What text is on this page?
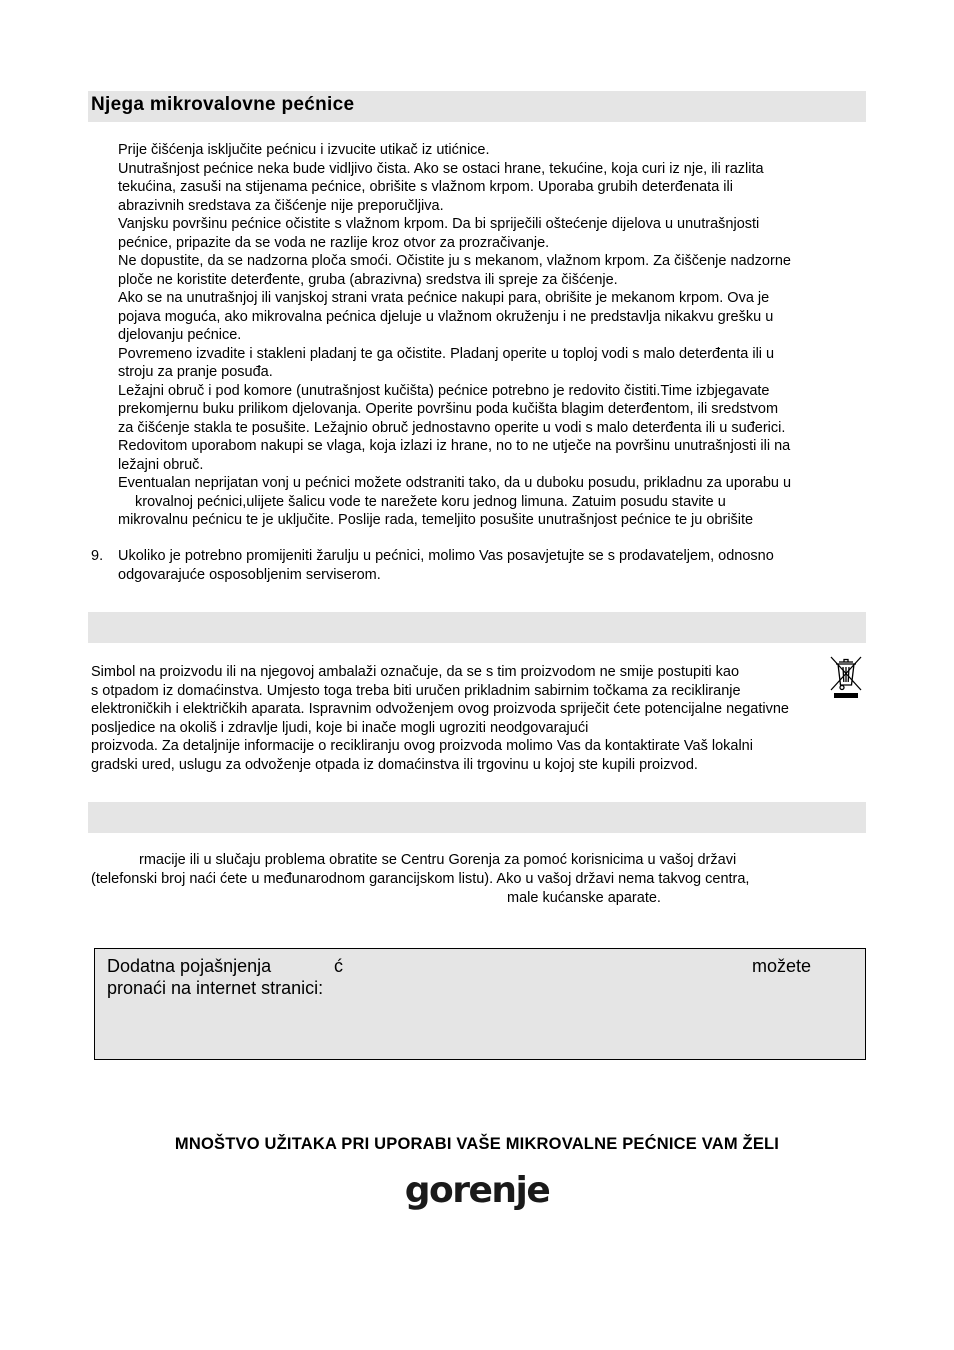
Njega mikrovalovne pećnice
Prije čišćenja isključite pećnicu i izvucite utikač iz utićnice.
Unutrašnjost pećnice neka bude vidljivo čista. Ako se ostaci hrane, tekućine, koja curi iz nje, ili razlita
tekućina, zasuši na stijenama pećnice, obrišite s vlažnom krpom. Uporaba grubih deterđenata ili
abrazivnih sredstava za čišćenje nije preporučljiva.
Vanjsku površinu pećnice očistite s vlažnom krpom. Da bi spriječili oštećenje dijelova u unutrašnjosti
pećnice, pripazite da se voda ne razlije kroz otvor za prozračivanje.
Ne dopustite, da se nadzorna ploča smoći. Očistite ju s mekanom, vlažnom krpom. Za čiščenje nadzorne
ploče ne koristite deterđente, gruba (abrazivna) sredstva ili spreje za čišćenje.
Ako se na unutrašnjoj ili vanjskoj strani vrata pećnice nakupi para, obrišite je mekanom krpom. Ova je
pojava moguća, ako mikrovalna pećnica djeluje u vlažnom okruženju i ne predstavlja nikakvu grešku u
djelovanju pećnice.
Povremeno izvadite i stakleni pladanj te ga očistite. Pladanj operite u toploj vodi s malo deterđenta ili u
stroju za pranje posuđa.
Ležajni obruč i pod komore (unutrašnjost kučišta) pećnice potrebno je redovito čistiti.Time izbjegavate
prekomjernu buku prilikom djelovanja. Operite površinu poda kučišta blagim deterđentom, ili sredstvom
za čišćenje stakla te posušite. Ležajnio obruč jednostavno operite u vodi s malo deterđenta ili u suđerici.
Redovitom uporabom nakupi se vlaga, koja izlazi iz hrane, no to ne utječe na površinu unutrašnjosti ili na
ležajni obruč.
Eventualan neprijatan vonj u pećnici možete odstraniti tako, da u duboku posudu, prikladnu za uporabu u
krovalnoj pećnici,ulijete šalicu vode te narežete koru jednog limuna. Zatuim posudu stavite u
mikrovalnu pećnicu te je uključite. Poslije rada, temeljito posušite unutrašnjost pećnice te ju obrišite
9. Ukoliko je potrebno promijeniti žarulju u pećnici, molimo Vas posavjetujte se s prodavateljem, odnosno
odgovarajuće osposobljenim serviserom.
Simbol na proizvodu ili na njegovoj ambalaži označuje, da se s tim proizvodom ne smije postupiti kao
s otpadom iz domaćinstva. Umjesto toga treba biti uručen prikladnim sabirnim točkama za recikliranje
elektroničkih i električkih aparata. Ispravnim odvoženjem ovog proizvoda spriječit ćete potencijalne negativne
posljedice na okoliš i zdravlje ljudi, koje bi inače mogli ugroziti neodgovarajući
proizvoda. Za detaljnije informacije o recikliranju ovog proizvoda molimo Vas da kontaktirate Vaš lokalni
gradski ured, uslugu za odvoženje otpada iz domaćinstva ili trgovinu u kojoj ste kupili proizvod.
rmacije ili u slučaju problema obratite se Centru Gorenja za pomoć korisnicima u vašoj državi
(telefonski broj naći ćete u međunarodnom garancijskom listu). Ako u vašoj državi nema takvog centra,
male kućanske aparate.
Dodatna pojašnjenja	ć	možete
pronaći na internet stranici:
MNOŠTVO UŽITAKA PRI UPORABI VAŠE MIKROVALNE PEĆNICE VAM ŽELI
gorenje
